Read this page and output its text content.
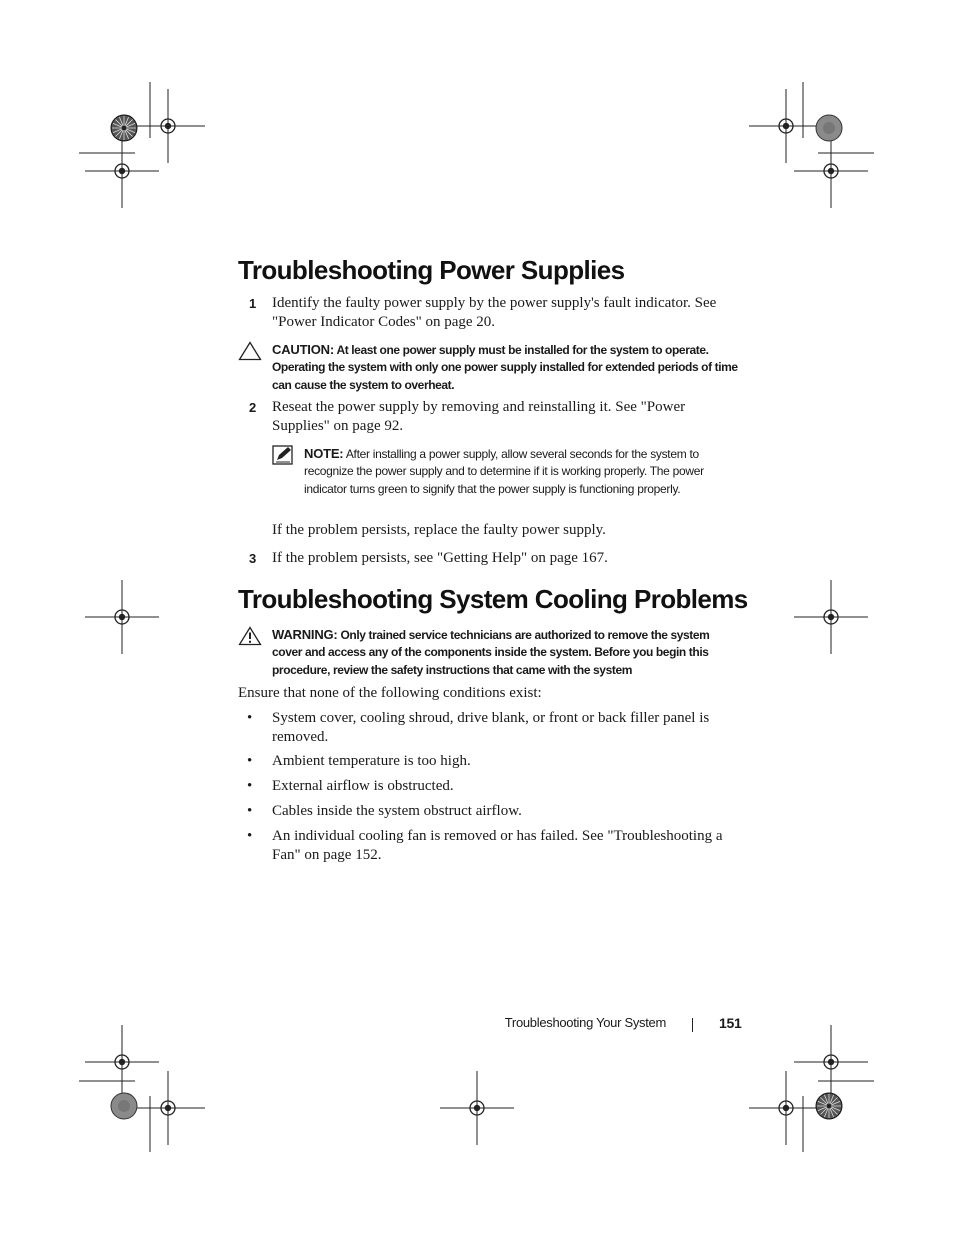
Troubleshooting Power Supplies
1 Identify the faulty power supply by the power supply's fault indicator. See "Power Indicator Codes" on page 20.
CAUTION: At least one power supply must be installed for the system to operate. Operating the system with only one power supply installed for extended periods of time can cause the system to overheat.
2 Reseat the power supply by removing and reinstalling it. See "Power Supplies" on page 92.
NOTE: After installing a power supply, allow several seconds for the system to recognize the power supply and to determine if it is working properly. The power indicator turns green to signify that the power supply is functioning properly.
If the problem persists, replace the faulty power supply.
3 If the problem persists, see "Getting Help" on page 167.
Troubleshooting System Cooling Problems
WARNING: Only trained service technicians are authorized to remove the system cover and access any of the components inside the system. Before you begin this procedure, review the safety instructions that came with the system
Ensure that none of the following conditions exist:
• System cover, cooling shroud, drive blank, or front or back filler panel is removed.
• Ambient temperature is too high.
• External airflow is obstructed.
• Cables inside the system obstruct airflow.
• An individual cooling fan is removed or has failed. See "Troubleshooting a Fan" on page 152.
Troubleshooting Your System	151
